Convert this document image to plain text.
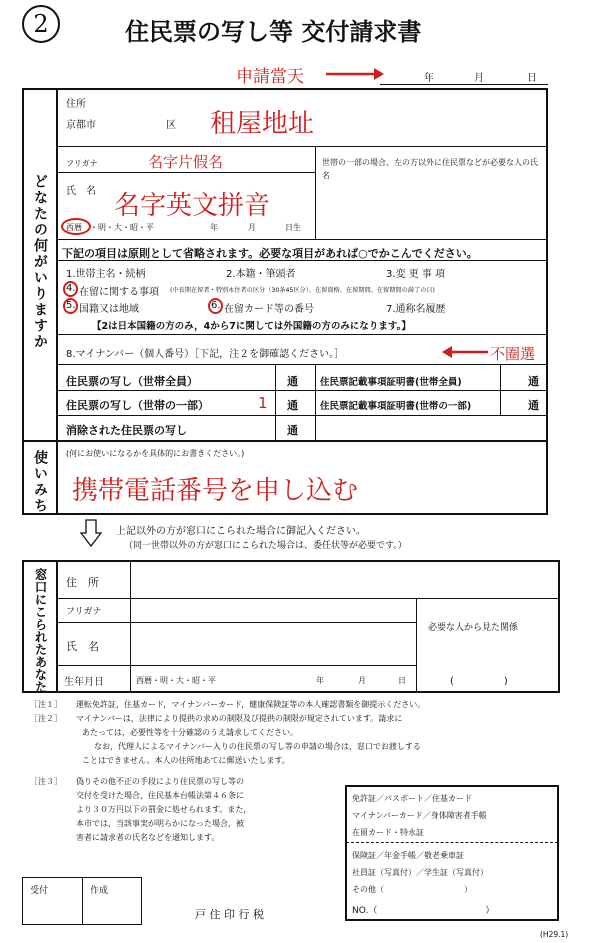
2	住民票の写し等 交付請求書
申請當天	年	月	日
どなたの何がいりますか
住所
京都市	区 租屋地址
フリガナ	名字片假名
氏　名 名字英文拼音
西暦 ・明・大・昭・平	年	月	日生
世帯の一部の場合、左の方以外に住民票などが必要な人の氏名
下記の項目は原則として省略されます。必要な項目があれば○でかこんでください。
1.世帯主名・続柄	2.本籍・筆頭者	3.変 更 事 項
4. 在留に関する事項 (中長期在留者・特別永住者の区分（30条45区分）、在留資格、在留期間、在留期間の満了の日)
5. 国籍又は地域	6. 在留カード等の番号	7.通称名履歴
【2は日本国籍の方のみ，4から7に関しては外国籍の方のみになります。】
8.マイナンバー（個人番号）［下記，注２を御確認ください。］	不圈選
住民票の写し（世帯全員）	通 住民票記載事項証明書(世帯全員)	通
住民票の写し（世帯の一部）	1 通 住民票記載事項証明書(世帯の一部)	通
消除された住民票の写し	通
使いみち (何にお使いになるかを具体的にお書きください。)
携帯電話番号を申し込む
上記以外の方が窓口にこられた場合に御記入ください。
（同一世帯以外の方が窓口にこられた場合は、委任状等が必要です。）
窓口にこられたあなた 住　所
フリガナ
氏　名
生年月日	西暦・明・大・昭・平	年	月	日
必要な人から見た関係
(　　　　　)
［注１］ 運転免許証，住基カード，マイナンバーカード，健康保険証等の本人確認書類を御提示ください。
［注２］ マイナンバーは，法律により提供の求めの制限及び提供の制限が規定されています。請求に
あたっては，必要性等を十分確認のうえ請求してください。
なお，代理人によるマイナンバー入りの住民票の写し等の申請の場合は，窓口でお渡しする
ことはできません。本人の住所地あてに郵送いたします。
［注３］ 偽りその他不正の手段により住民票の写し等の
交付を受けた場合，住民基本台帳法第４６条に
より３０万円以下の罰金に処せられます。また，
本市では，当該事実が明らかになった場合，被
害者に請求者の氏名などを通知します。
免許証／パスポート／住基カード
マイナンバーカード／身体障害者手帳
在留カード・特永証
保険証／年金手帳／敬老乗車証
社員証（写真付）／学生証（写真付）
その他（　　　　　　　　　　）
NO.（　　　　　　　　　　　　）
受付	作成
戸 住 印 行 税
(H29.1)
